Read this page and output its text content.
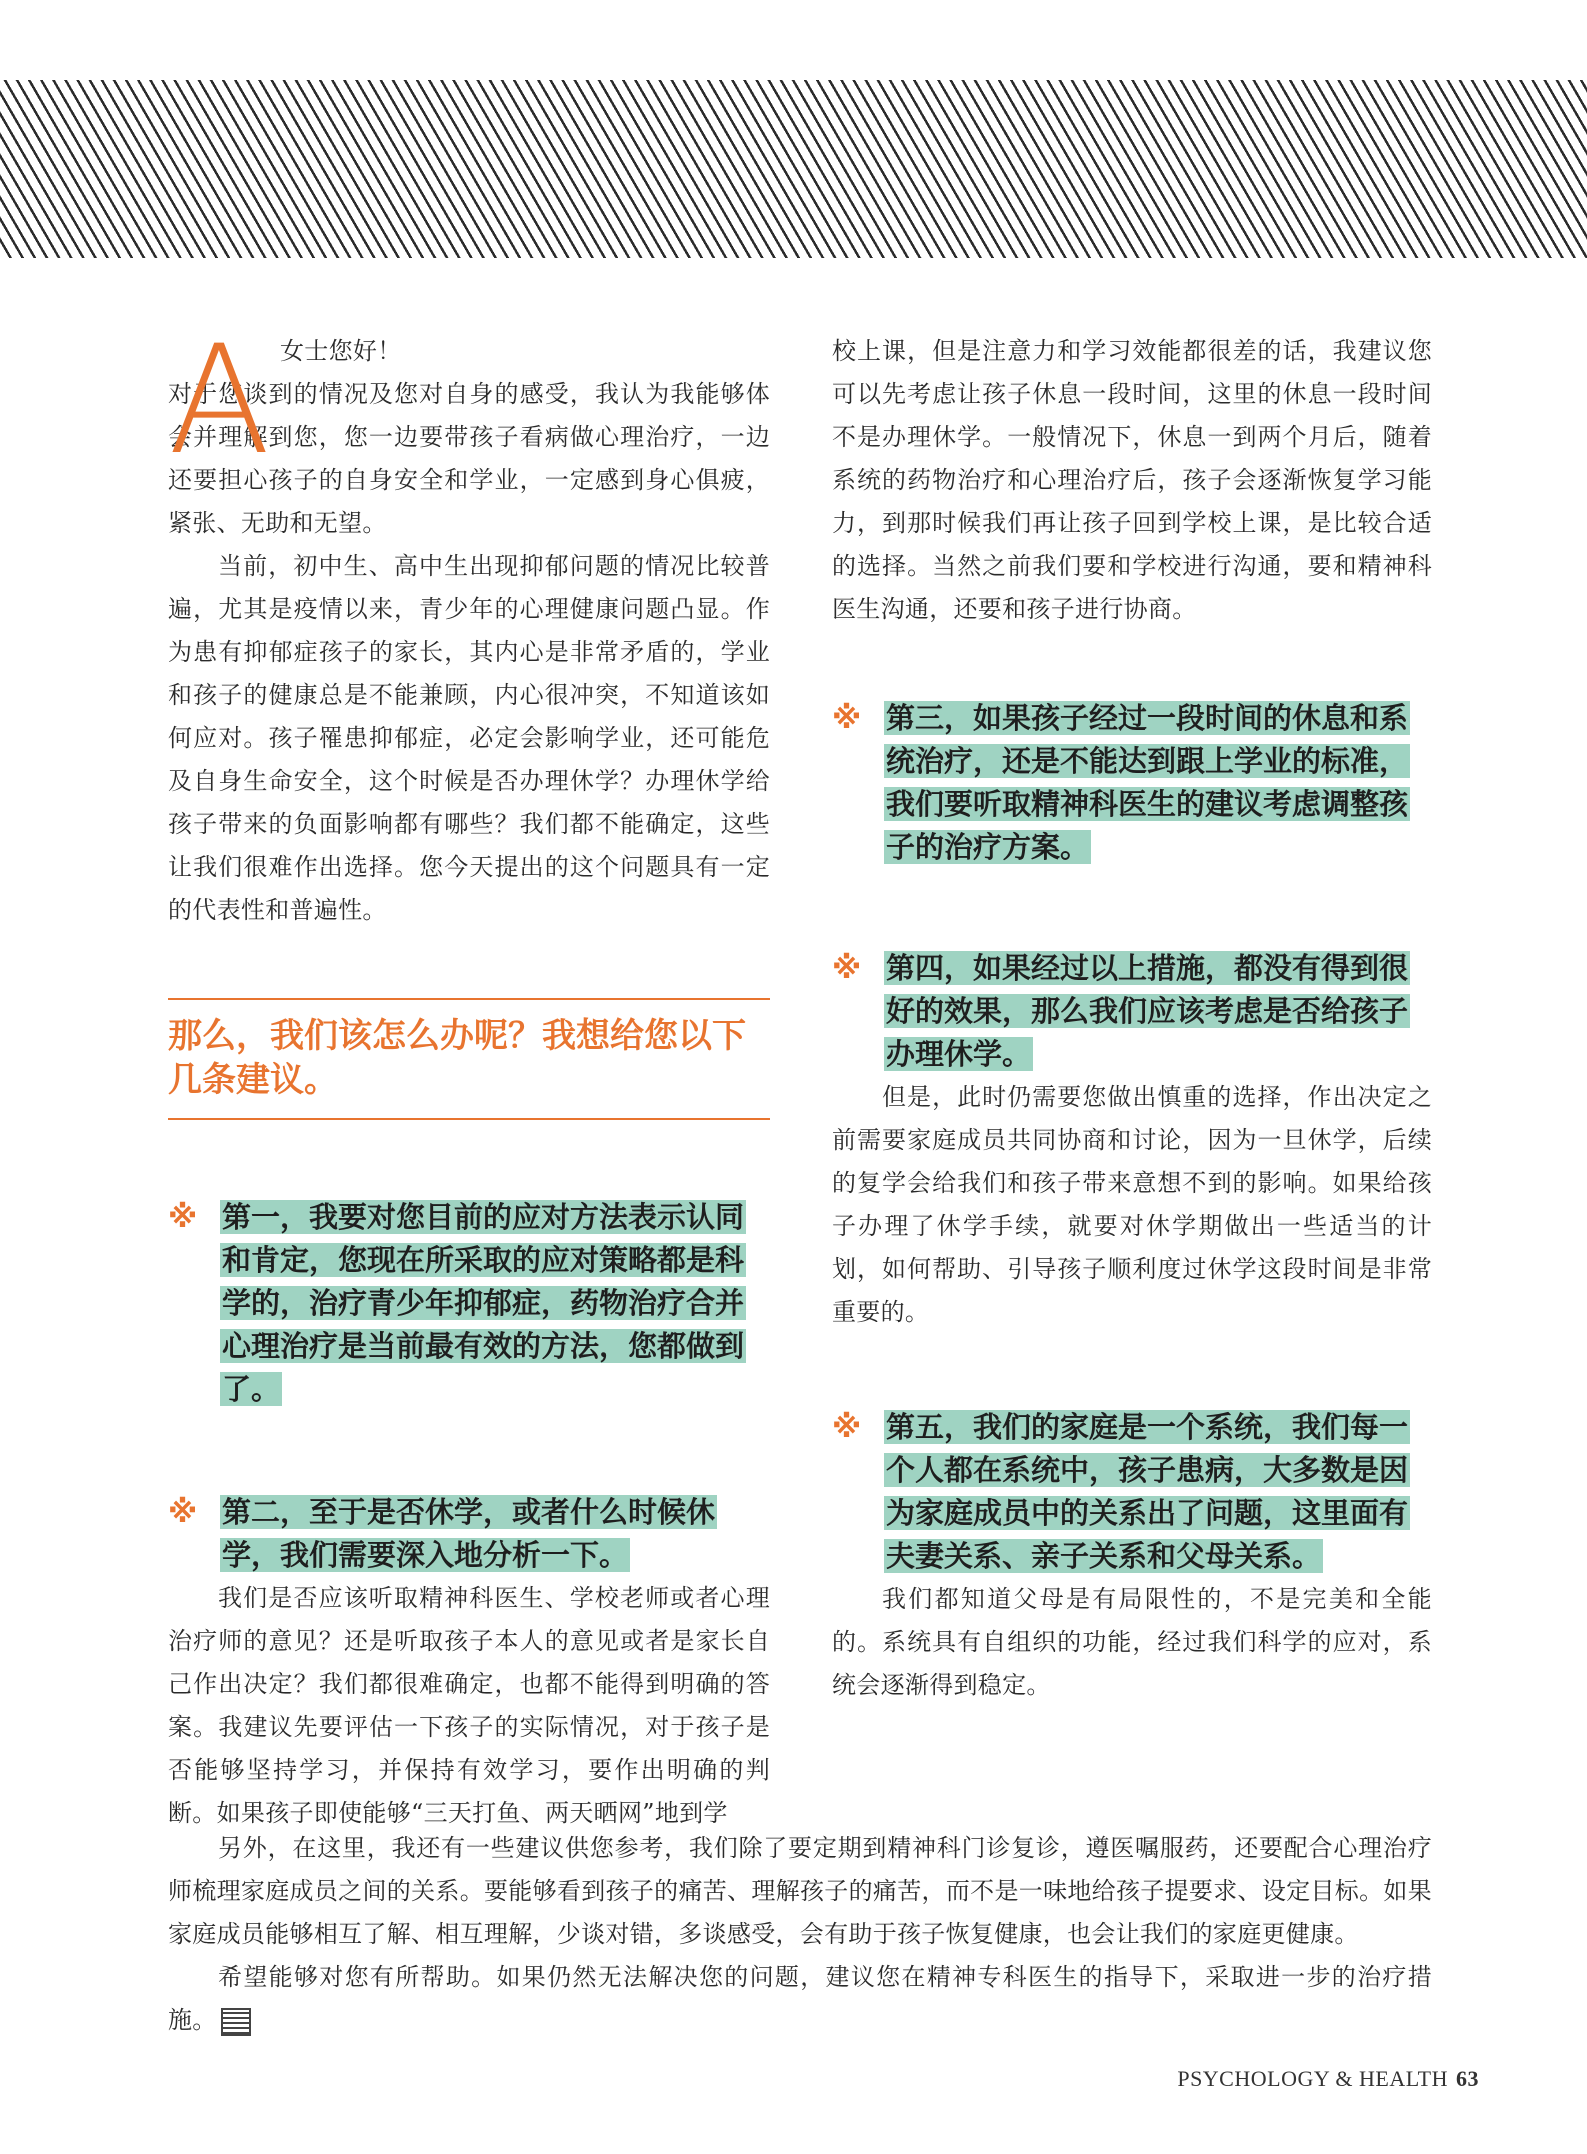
A 女士您好！

对于您谈到的情况及您对自身的感受，我认为我能够体会并理解到您，您一边要带孩子看病做心理治疗，一边还要担心孩子的自身安全和学业，一定感到身心俱疲，紧张、无助和无望。

当前，初中生、高中生出现抑郁问题的情况比较普遍，尤其是疫情以来，青少年的心理健康问题凸显。作为患有抑郁症孩子的家长，其内心是非常矛盾的，学业和孩子的健康总是不能兼顾，内心很冲突，不知道该如何应对。孩子罹患抑郁症，必定会影响学业，还可能危及自身生命安全，这个时候是否办理休学？办理休学给孩子带来的负面影响都有哪些？我们都不能确定，这些让我们很难作出选择。您今天提出的这个问题具有一定的代表性和普遍性。

那么，我们该怎么办呢？我想给您以下几条建议。
※ 第一，我要对您目前的应对方法表示认同和肯定，您现在所采取的应对策略都是科学的，治疗青少年抑郁症，药物治疗合并心理治疗是当前最有效的方法，您都做到了。

※ 第二，至于是否休学，或者什么时候休学，我们需要深入地分析一下。

我们是否应该听取精神科医生、学校老师或者心理治疗师的意见？还是听取孩子本人的意见或者是家长自己作出决定？我们都很难确定，也都不能得到明确的答案。我建议先要评估一下孩子的实际情况，对于孩子是否能够坚持学习，并保持有效学习，要作出明确的判断。如果孩子即使能够“三天打鱼、两天晒网”地到学

校上课，但是注意力和学习效能都很差的话，我建议您可以先考虑让孩子休息一段时间，这里的休息一段时间不是办理休学。一般情况下，休息一到两个月后，随着系统的药物治疗和心理治疗后，孩子会逐渐恢复学习能力，到那时候我们再让孩子回到学校上课，是比较合适的选择。当然之前我们要和学校进行沟通，要和精神科医生沟通，还要和孩子进行协商。

※ 第三，如果孩子经过一段时间的休息和系统治疗，还是不能达到跟上学业的标准，我们要听取精神科医生的建议考虑调整孩子的治疗方案。

※ 第四，如果经过以上措施，都没有得到很好的效果，那么我们应该考虑是否给孩子办理休学。

但是，此时仍需要您做出慎重的选择，作出决定之前需要家庭成员共同协商和讨论，因为一旦休学，后续的复学会给我们和孩子带来意想不到的影响。如果给孩子办理了休学手续，就要对休学期做出一些适当的计划，如何帮助、引导孩子顺利度过休学这段时间是非常重要的。

※ 第五，我们的家庭是一个系统，我们每一个人都在系统中，孩子患病，大多数是因为家庭成员中的关系出了问题，这里面有夫妻关系、亲子关系和父母关系。

我们都知道父母是有局限性的，不是完美和全能的。系统具有自组织的功能，经过我们科学的应对，系统会逐渐得到稳定。

另外，在这里，我还有一些建议供您参考，我们除了要定期到精神科门诊复诊，遵医嘱服药，还要配合心理治疗师梳理家庭成员之间的关系。要能够看到孩子的痛苦、理解孩子的痛苦，而不是一味地给孩子提要求、设定目标。如果家庭成员能够相互了解、相互理解，少谈对错，多谈感受，会有助于孩子恢复健康，也会让我们的家庭更健康。

希望能够对您有所帮助。如果仍然无法解决您的问题，建议您在精神专科医生的指导下，采取进一步的治疗措施。

PSYCHOLOGY & HEALTH 63
